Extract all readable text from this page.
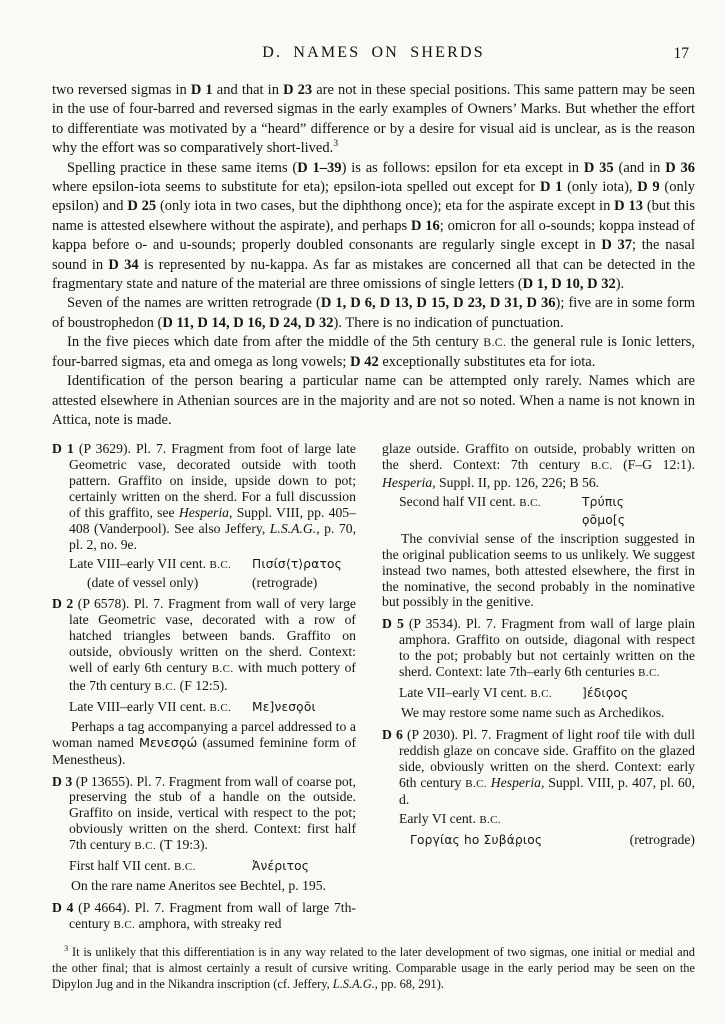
D. NAMES ON SHERDS	17

two reversed sigmas in D 1 and that in D 23 are not in these special positions. This same pattern may be seen in the use of four-barred and reversed sigmas in the early examples of Owners’ Marks. But whether the effort to differentiate was motivated by a “heard” difference or by a desire for visual aid is unclear, as is the reason why the effort was so comparatively short-lived.$^3$

Spelling practice in these same items (D 1–39) is as follows: epsilon for eta except in D 35 (and in D 36 where epsilon-iota seems to substitute for eta); epsilon-iota spelled out except for D 1 (only iota), D 9 (only epsilon) and D 25 (only iota in two cases, but the diphthong once); eta for the aspirate except in D 13 (but this name is attested elsewhere without the aspirate), and perhaps D 16; omicron for all o-sounds; koppa instead of kappa before o- and u-sounds; properly doubled consonants are regularly single except in D 37; the nasal sound in D 34 is represented by nu-kappa. As far as mistakes are concerned all that can be detected in the fragmentary state and nature of the material are three omissions of single letters (D 1, D 10, D 32).

Seven of the names are written retrograde (D 1, D 6, D 13, D 15, D 23, D 31, D 36); five are in some form of boustrophedon (D 11, D 14, D 16, D 24, D 32). There is no indication of punctuation.

In the five pieces which date from after the middle of the 5th century B.C. the general rule is Ionic letters, four-barred sigmas, eta and omega as long vowels; D 42 exceptionally substitutes eta for iota.

Identification of the person bearing a particular name can be attempted only rarely. Names which are attested elsewhere in Athenian sources are in the majority and are not so noted. When a name is not known in Attica, note is made.

D 1 (P 3629). Pl. 7. Fragment from foot of large late Geometric vase, decorated outside with tooth pattern. Graffito on inside, upside down to pot; certainly written on the sherd. For a full discussion of this graffito, see Hesperia, Suppl. VIII, pp. 405–408 (Vanderpool). See also Jeffery, L.S.A.G., p. 70, pl. 2, no. 9e.

Late VIII–early VII cent. B.C.	Πισίσ⟨τ⟩ρατος
(date of vessel only)	(retrograde)

D 2 (P 6578). Pl. 7. Fragment from wall of very large late Geometric vase, decorated with a row of hatched triangles between bands. Graffito on outside, obviously written on the sherd. Context: well of early 6th century B.C. with much pottery of the 7th century B.C. (F 12:5).

Late VIII–early VII cent. B.C.	Με]νεσϙõι

Perhaps a tag accompanying a parcel addressed to a woman named Μενεσϙώ (assumed feminine form of Menestheus).

D 3 (P 13655). Pl. 7. Fragment from wall of coarse pot, preserving the stub of a handle on the outside. Graffito on inside, vertical with respect to the pot; obviously written on the sherd. Context: first half 7th century B.C. (T 19:3).

First half VII cent. B.C.	Ἀνέριτος

On the rare name Aneritos see Bechtel, p. 195.

D 4 (P 4664). Pl. 7. Fragment from wall of large 7th-century B.C. amphora, with streaky red

glaze outside. Graffito on outside, probably written on the sherd. Context: 7th century B.C. (F–G 12:1). Hesperia, Suppl. II, pp. 126, 226; B 56.

Second half VII cent. B.C.	Τρύπις
ϙõμο[ς

The convivial sense of the inscription suggested in the original publication seems to us unlikely. We suggest instead two names, both attested elsewhere, the first in the nominative, the second probably in the nominative but possibly in the genitive.

D 5 (P 3534). Pl. 7. Fragment from wall of large plain amphora. Graffito on outside, diagonal with respect to the pot; probably but not certainly written on the sherd. Context: late 7th–early 6th centuries B.C.

Late VII–early VI cent. B.C.	]έδιϙος

We may restore some name such as Archedikos.

D 6 (P 2030). Pl. 7. Fragment of light roof tile with dull reddish glaze on concave side. Graffito on the glazed side, obviously written on the sherd. Context: early 6th century B.C. Hesperia, Suppl. VIII, p. 407, pl. 60, d.

Early VI cent. B.C.
Γοργίας hο Συβάρ̣ιος	(retrograde)
$^3$ It is unlikely that this differentiation is in any way related to the later development of two sigmas, one initial or medial and the other final; that is almost certainly a result of cursive writing. Comparable usage in the early period may be seen on the Dipylon Jug and in the Nikandra inscription (cf. Jeffery, L.S.A.G., pp. 68, 291).
